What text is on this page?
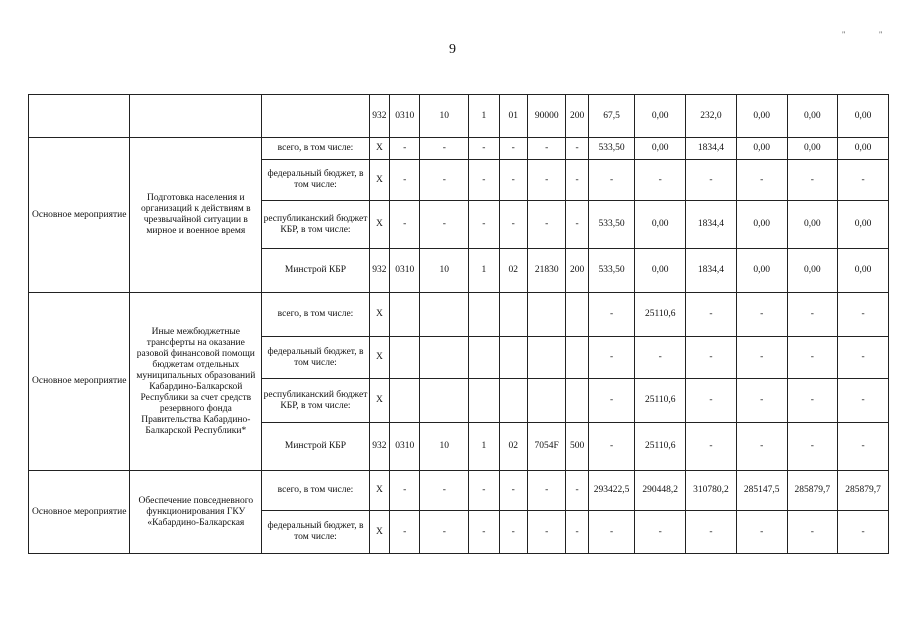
9
"	"
			932	0310	10	1	01	90000	200	67,5	0,00	232,0	0,00	0,00	0,00
Основное мероприятие	Подготовка населения и организаций к действиям в чрезвычайной ситуации в мирное и военное время	всего, в том числе:	Х	-	-	-	-	-	-	533,50	0,00	1834,4	0,00	0,00	0,00
		федеральный бюджет, в том числе:	Х	-	-	-	-	-	-	-	-	-	-	-	-
		республиканский бюджет КБР, в том числе:	Х	-	-	-	-	-	-	533,50	0,00	1834,4	0,00	0,00	0,00
		Минстрой КБР	932	0310	10	1	02	21830	200	533,50	0,00	1834,4	0,00	0,00	0,00
Основное мероприятие	Иные межбюджетные трансферты на оказание разовой финансовой помощи бюджетам отдельных муниципальных образований Кабардино-Балкарской Республики за счет средств резервного фонда Правительства Кабардино-Балкарской Республики*	всего, в том числе:	Х							-	25110,6	-	-	-	-
		федеральный бюджет, в том числе:	Х							-	-	-	-	-	-
		республиканский бюджет КБР, в том числе:	Х							-	25110,6	-	-	-	-
		Минстрой КБР	932	0310	10	1	02	7054F	500	-	25110,6	-	-	-	-
Основное мероприятие	Обеспечение повседневного функционирования ГКУ «Кабардино-Балкарская	всего, в том числе:	Х	-	-	-	-	-	-	293422,5	290448,2	310780,2	285147,5	285879,7	285879,7
		федеральный бюджет, в том числе:	Х	-	-	-	-	-	-	-	-	-	-	-	-
